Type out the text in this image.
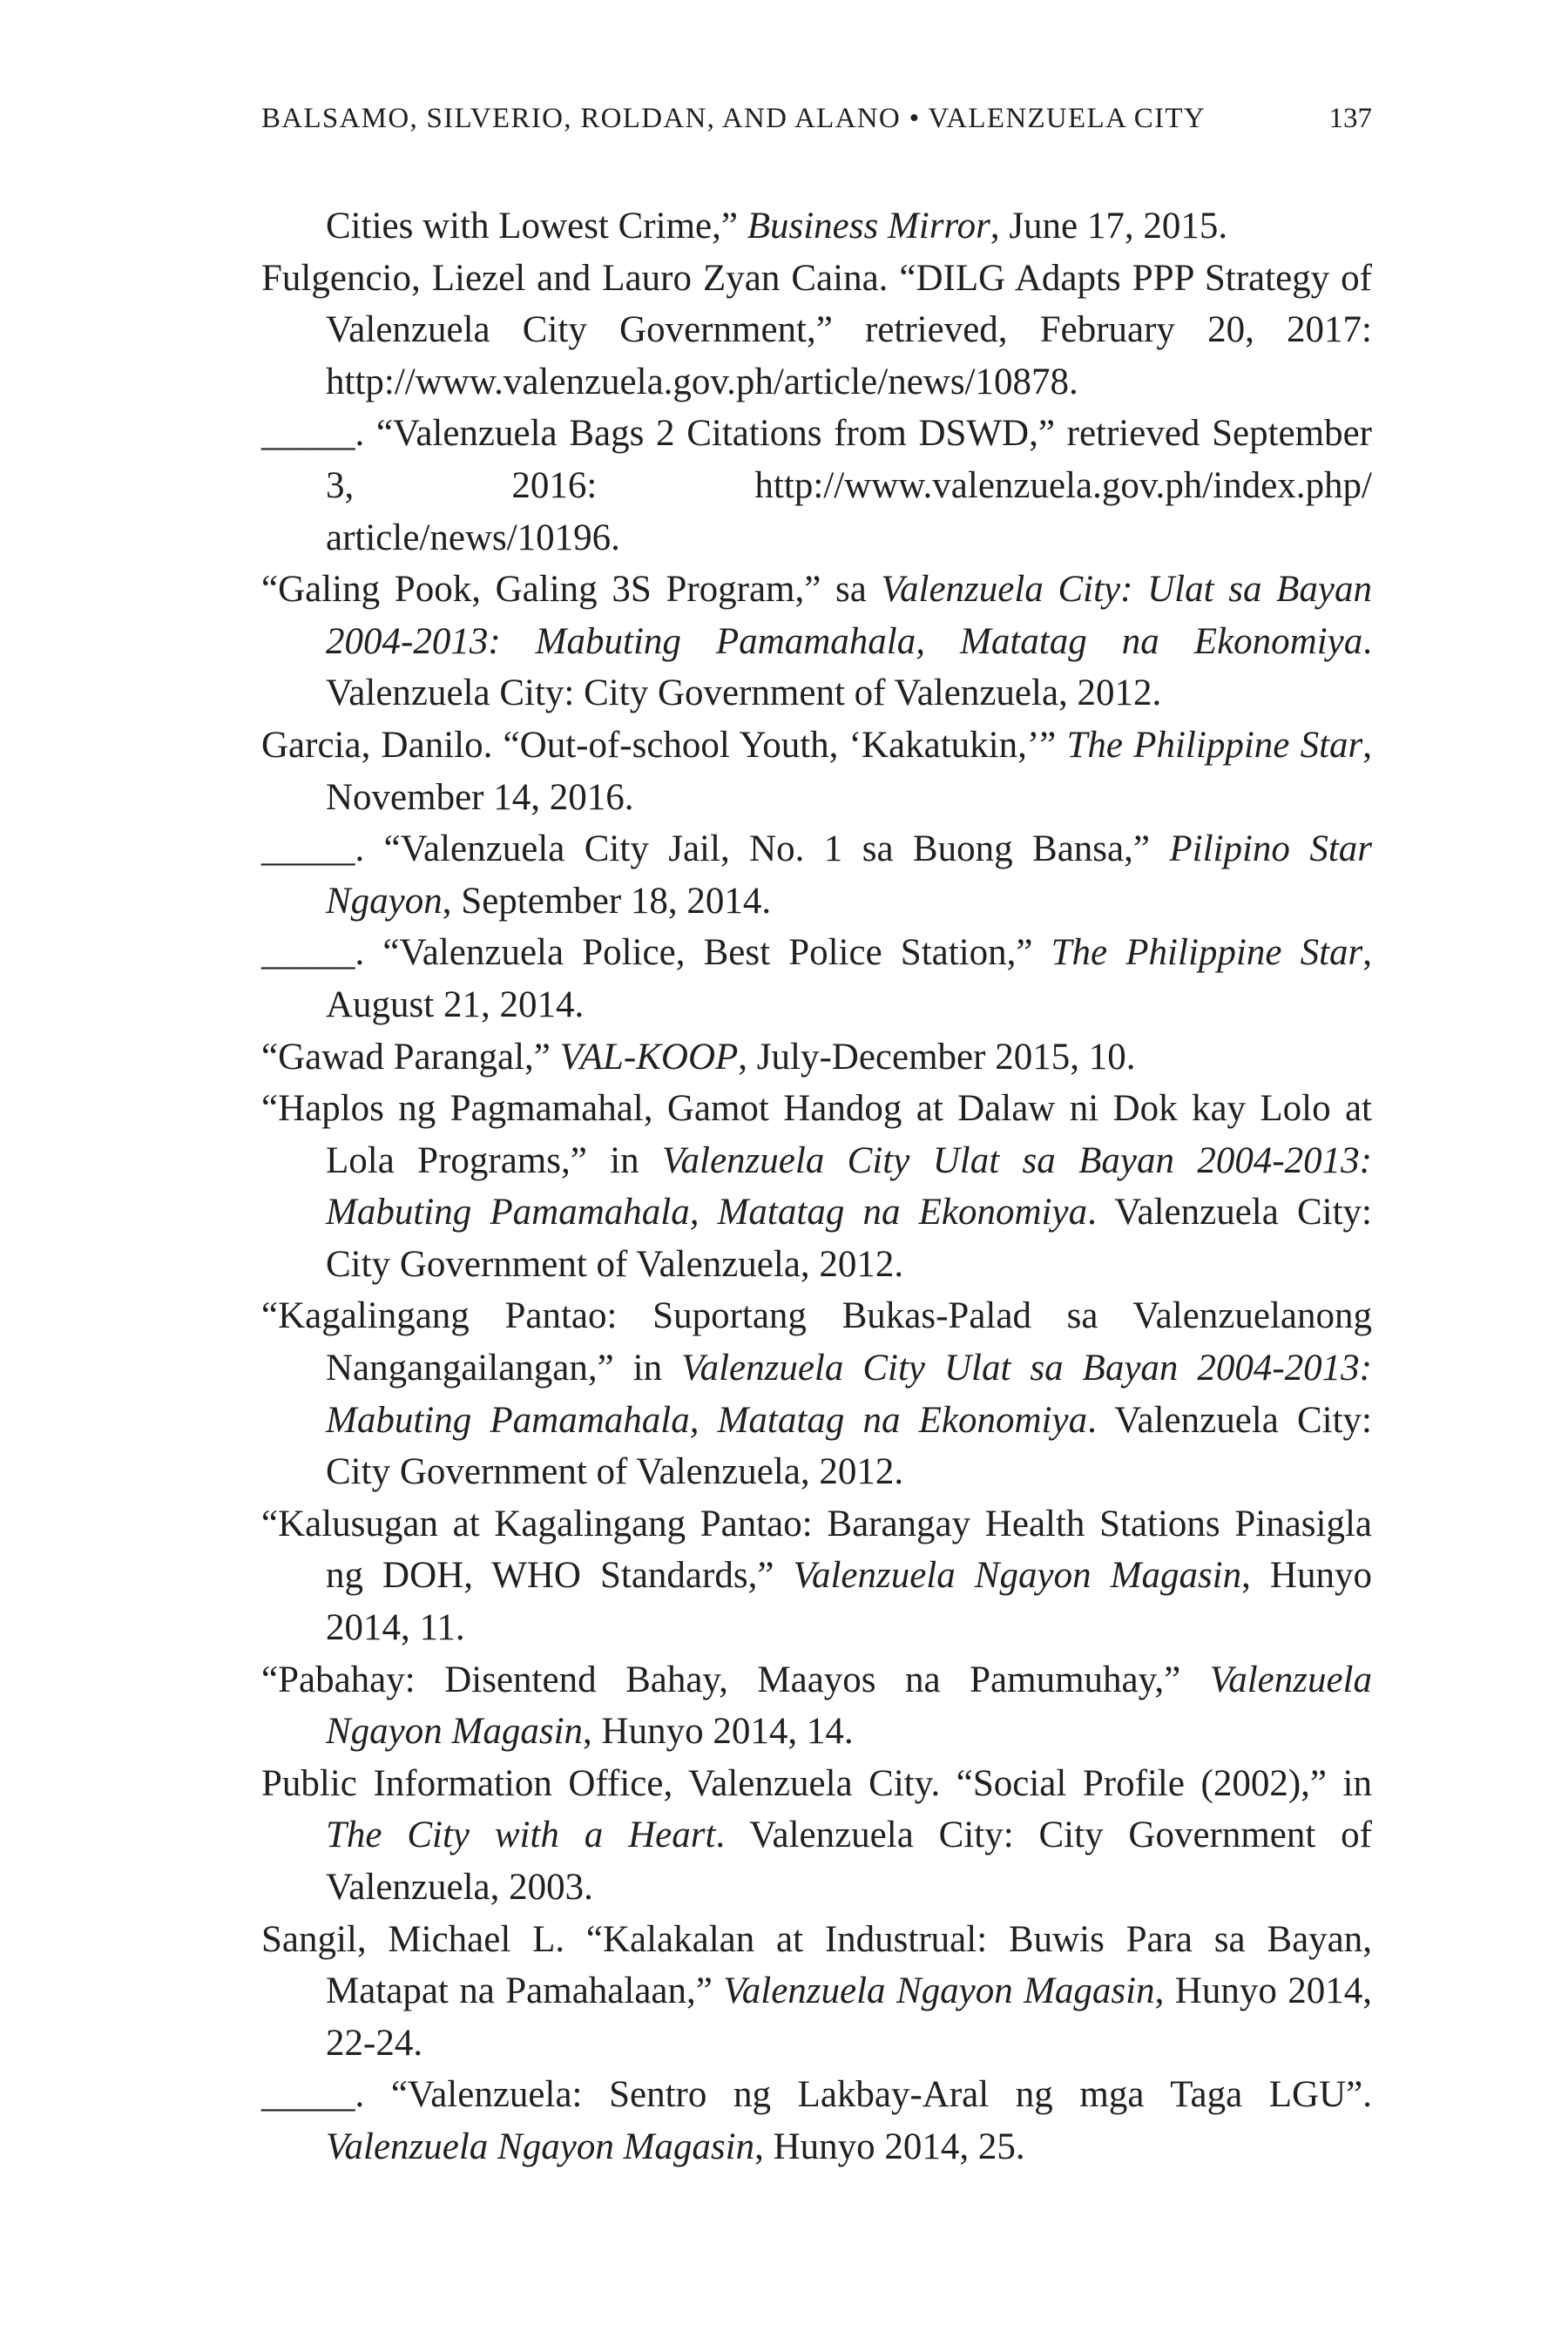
BALSAMO, SILVERIO, ROLDAN, AND ALANO • VALENZUELA CITY	137

Cities with Lowest Crime,” Business Mirror, June 17, 2015.

Fulgencio, Liezel and Lauro Zyan Caina. “DILG Adapts PPP Strategy of Valenzuela City Government,” retrieved, February 20, 2017: http://www.valenzuela.gov.ph/article/news/10878.

_____. “Valenzuela Bags 2 Citations from DSWD,” retrieved September 3, 2016: http://www.valenzuela.gov.ph/index.php/ article/news/10196.

“Galing Pook, Galing 3S Program,” sa Valenzuela City: Ulat sa Bayan 2004-2013: Mabuting Pamamahala, Matatag na Ekonomiya. Valenzuela City: City Government of Valenzuela, 2012.

Garcia, Danilo. “Out-of-school Youth, ‘Kakatukin,’” The Philippine Star, November 14, 2016.

_____. “Valenzuela City Jail, No. 1 sa Buong Bansa,” Pilipino Star Ngayon, September 18, 2014.

_____. “Valenzuela Police, Best Police Station,” The Philippine Star, August 21, 2014.

“Gawad Parangal,” VAL-KOOP, July-December 2015, 10.

“Haplos ng Pagmamahal, Gamot Handog at Dalaw ni Dok kay Lolo at Lola Programs,” in Valenzuela City Ulat sa Bayan 2004-2013: Mabuting Pamamahala, Matatag na Ekonomiya. Valenzuela City: City Government of Valenzuela, 2012.

“Kagalingang Pantao: Suportang Bukas-Palad sa Valenzuelanong Nangangailangan,” in Valenzuela City Ulat sa Bayan 2004-2013: Mabuting Pamamahala, Matatag na Ekonomiya. Valenzuela City: City Government of Valenzuela, 2012.

“Kalusugan at Kagalingang Pantao: Barangay Health Stations Pinasigla ng DOH, WHO Standards,” Valenzuela Ngayon Magasin, Hunyo 2014, 11.

“Pabahay: Disentend Bahay, Maayos na Pamumuhay,” Valenzuela Ngayon Magasin, Hunyo 2014, 14.

Public Information Office, Valenzuela City. “Social Profile (2002),” in The City with a Heart. Valenzuela City: City Government of Valenzuela, 2003.

Sangil, Michael L. “Kalakalan at Industrual: Buwis Para sa Bayan, Matapat na Pamahalaan,” Valenzuela Ngayon Magasin, Hunyo 2014, 22-24.

_____. “Valenzuela: Sentro ng Lakbay-Aral ng mga Taga LGU”. Valenzuela Ngayon Magasin, Hunyo 2014, 25.
